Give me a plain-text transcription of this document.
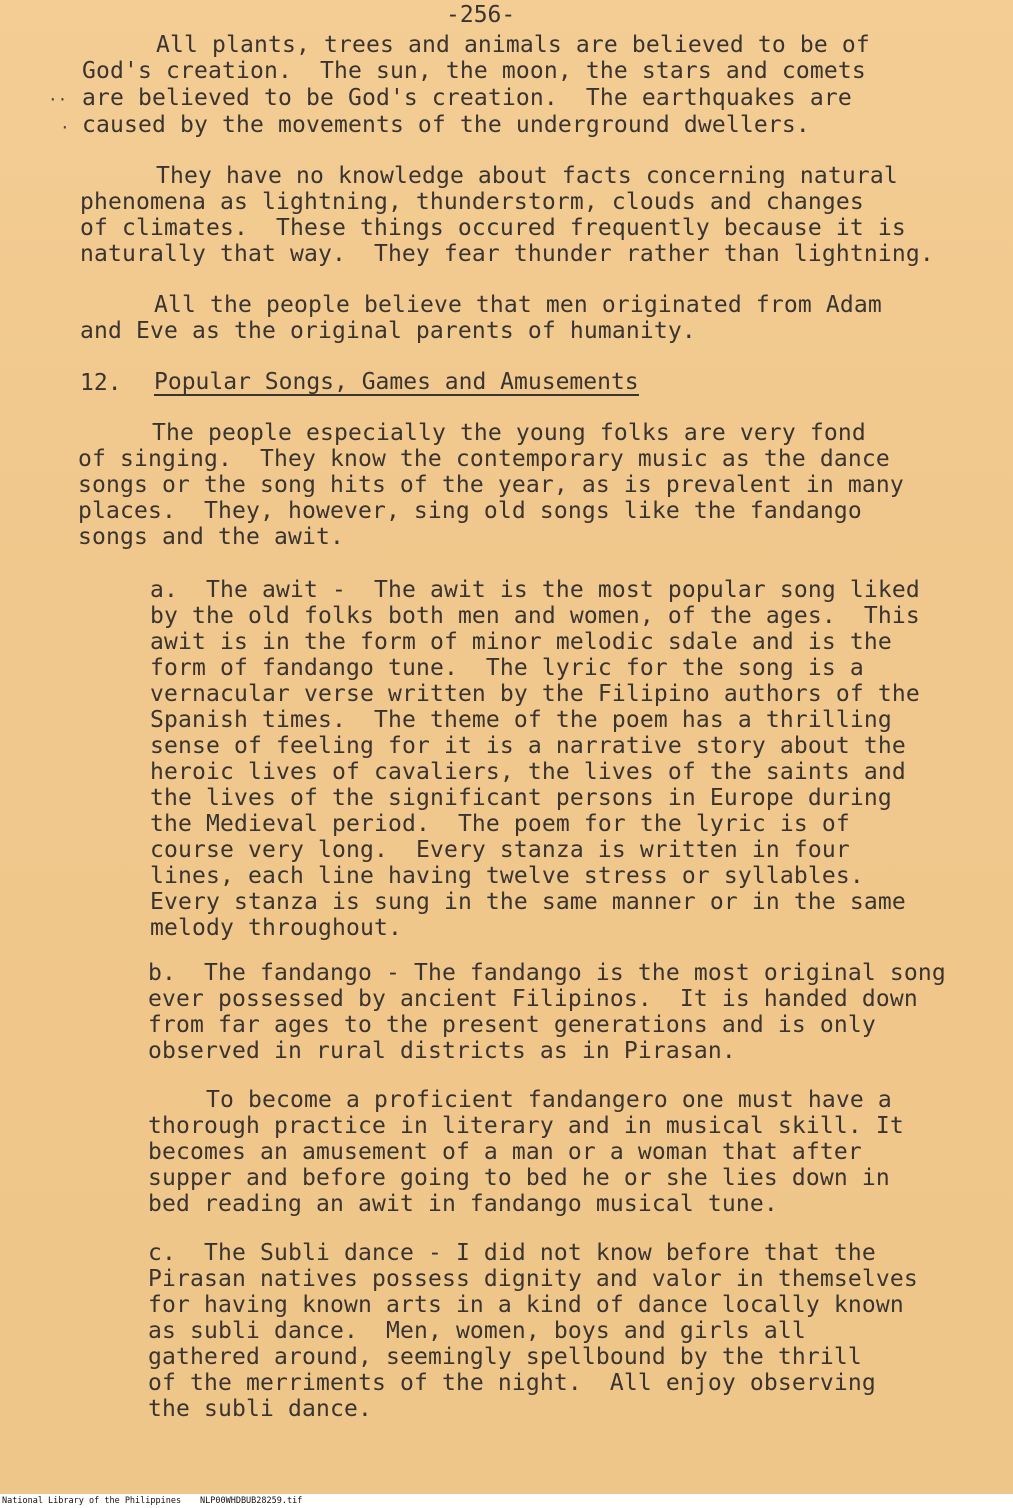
-256-
··
·
All plants, trees and animals are believed to be of
God's creation.  The sun, the moon, the stars and comets
are believed to be God's creation.  The earthquakes are
caused by the movements of the underground dwellers.
They have no knowledge about facts concerning natural
phenomena as lightning, thunderstorm, clouds and changes
of climates.  These things occured frequently because it is
naturally that way.  They fear thunder rather than lightning.
All the people believe that men originated from Adam
and Eve as the original parents of humanity.
12. Popular Songs, Games and Amusements
The people especially the young folks are very fond
of singing.  They know the contemporary music as the dance
songs or the song hits of the year, as is prevalent in many
places.  They, however, sing old songs like the fandango
songs and the awit.
a.  The awit -  The awit is the most popular song liked
by the old folks both men and women, of the ages.  This
awit is in the form of minor melodic sdale and is the
form of fandango tune.  The lyric for the song is a
vernacular verse written by the Filipino authors of the
Spanish times.  The theme of the poem has a thrilling
sense of feeling for it is a narrative story about the
heroic lives of cavaliers, the lives of the saints and
the lives of the significant persons in Europe during
the Medieval period.  The poem for the lyric is of
course very long.  Every stanza is written in four
lines, each line having twelve stress or syllables.
Every stanza is sung in the same manner or in the same
melody throughout.
b.  The fandango - The fandango is the most original song
ever possessed by ancient Filipinos.  It is handed down
from far ages to the present generations and is only
observed in rural districts as in Pirasan.
To become a proficient fandangero one must have a
thorough practice in literary and in musical skill. It
becomes an amusement of a man or a woman that after
supper and before going to bed he or she lies down in
bed reading an awit in fandango musical tune.
c.  The Subli dance - I did not know before that the
Pirasan natives possess dignity and valor in themselves
for having known arts in a kind of dance locally known
as subli dance.  Men, women, boys and girls all
gathered around, seemingly spellbound by the thrill
of the merriments of the night.  All enjoy observing
the subli dance.
National Library of the Philippines NLP00WHDBUB28259.tif
